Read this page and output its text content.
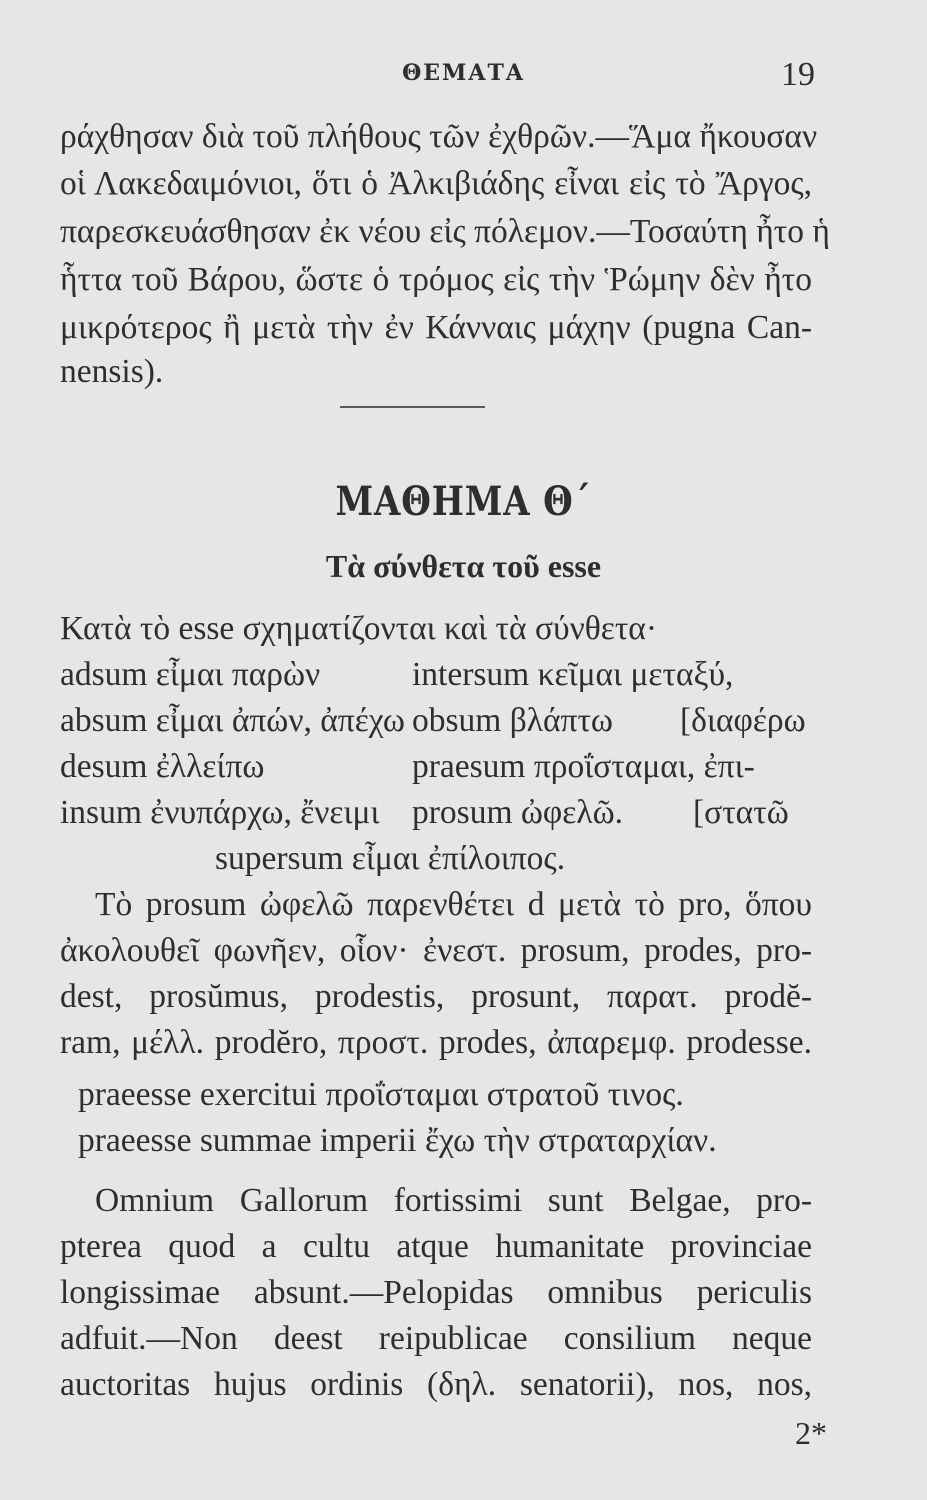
ΘΕΜΑΤΑ	19
ράχθησαν διὰ τοῦ πλήθους τῶν ἐχθρῶν.—Ἅμα ἤκουσαν
οἱ Λακεδαιμόνιοι, ὅτι ὁ Ἀλκιβιάδης εἶναι εἰς τὸ Ἄργος,
παρεσκευάσθησαν ἐκ νέου εἰς πόλεμον.—Τοσαύτη ἦτο ἡ
ἧττα τοῦ Βάρου, ὥστε ὁ τρόμος εἰς τὴν Ῥώμην δὲν ἦτο
μικρότερος ἢ μετὰ τὴν ἐν Κάνναις μάχην (pugna Can-
nensis).
ΜΑΘΗΜΑ Θ΄
Τὰ σύνθετα τοῦ esse
Κατὰ τὸ esse σχηματίζονται καὶ τὰ σύνθετα·
adsum εἶμαι παρὼν
absum εἶμαι ἀπών, ἀπέχω
desum ἐλλείπω
insum ἐνυπάρχω, ἔνειμι
intersum κεῖμαι μεταξύ,
obsum βλάπτω
praesum προΐσταμαι, ἐπι-
prosum ὠφελῶ.
[διαφέρω
[στατῶ
supersum εἶμαι ἐπίλοιπος.
Τὸ prosum ὠφελῶ παρενθέτει d μετὰ τὸ pro, ὅπου
ἀκολουθεῖ φωνῆεν, οἷον· ἐνεστ. prosum, prodes, pro-
dest, prosŭmus, prodestis, prosunt, παρατ. prodĕ-
ram, μέλλ. prodĕro, προστ. prodes, ἀπαρεμφ. prodesse.
praeesse exercitui προΐσταμαι στρατοῦ τινος.
praeesse summae imperii ἔχω τὴν στραταρχίαν.
Omnium Gallorum fortissimi sunt Belgae, pro-
pterea quod a cultu atque humanitate provinciae
longissimae absunt.—Pelopidas omnibus periculis
adfuit.—Non deest reipublicae consilium neque
auctoritas hujus ordinis (δηλ. senatorii), nos, nos,
2*
